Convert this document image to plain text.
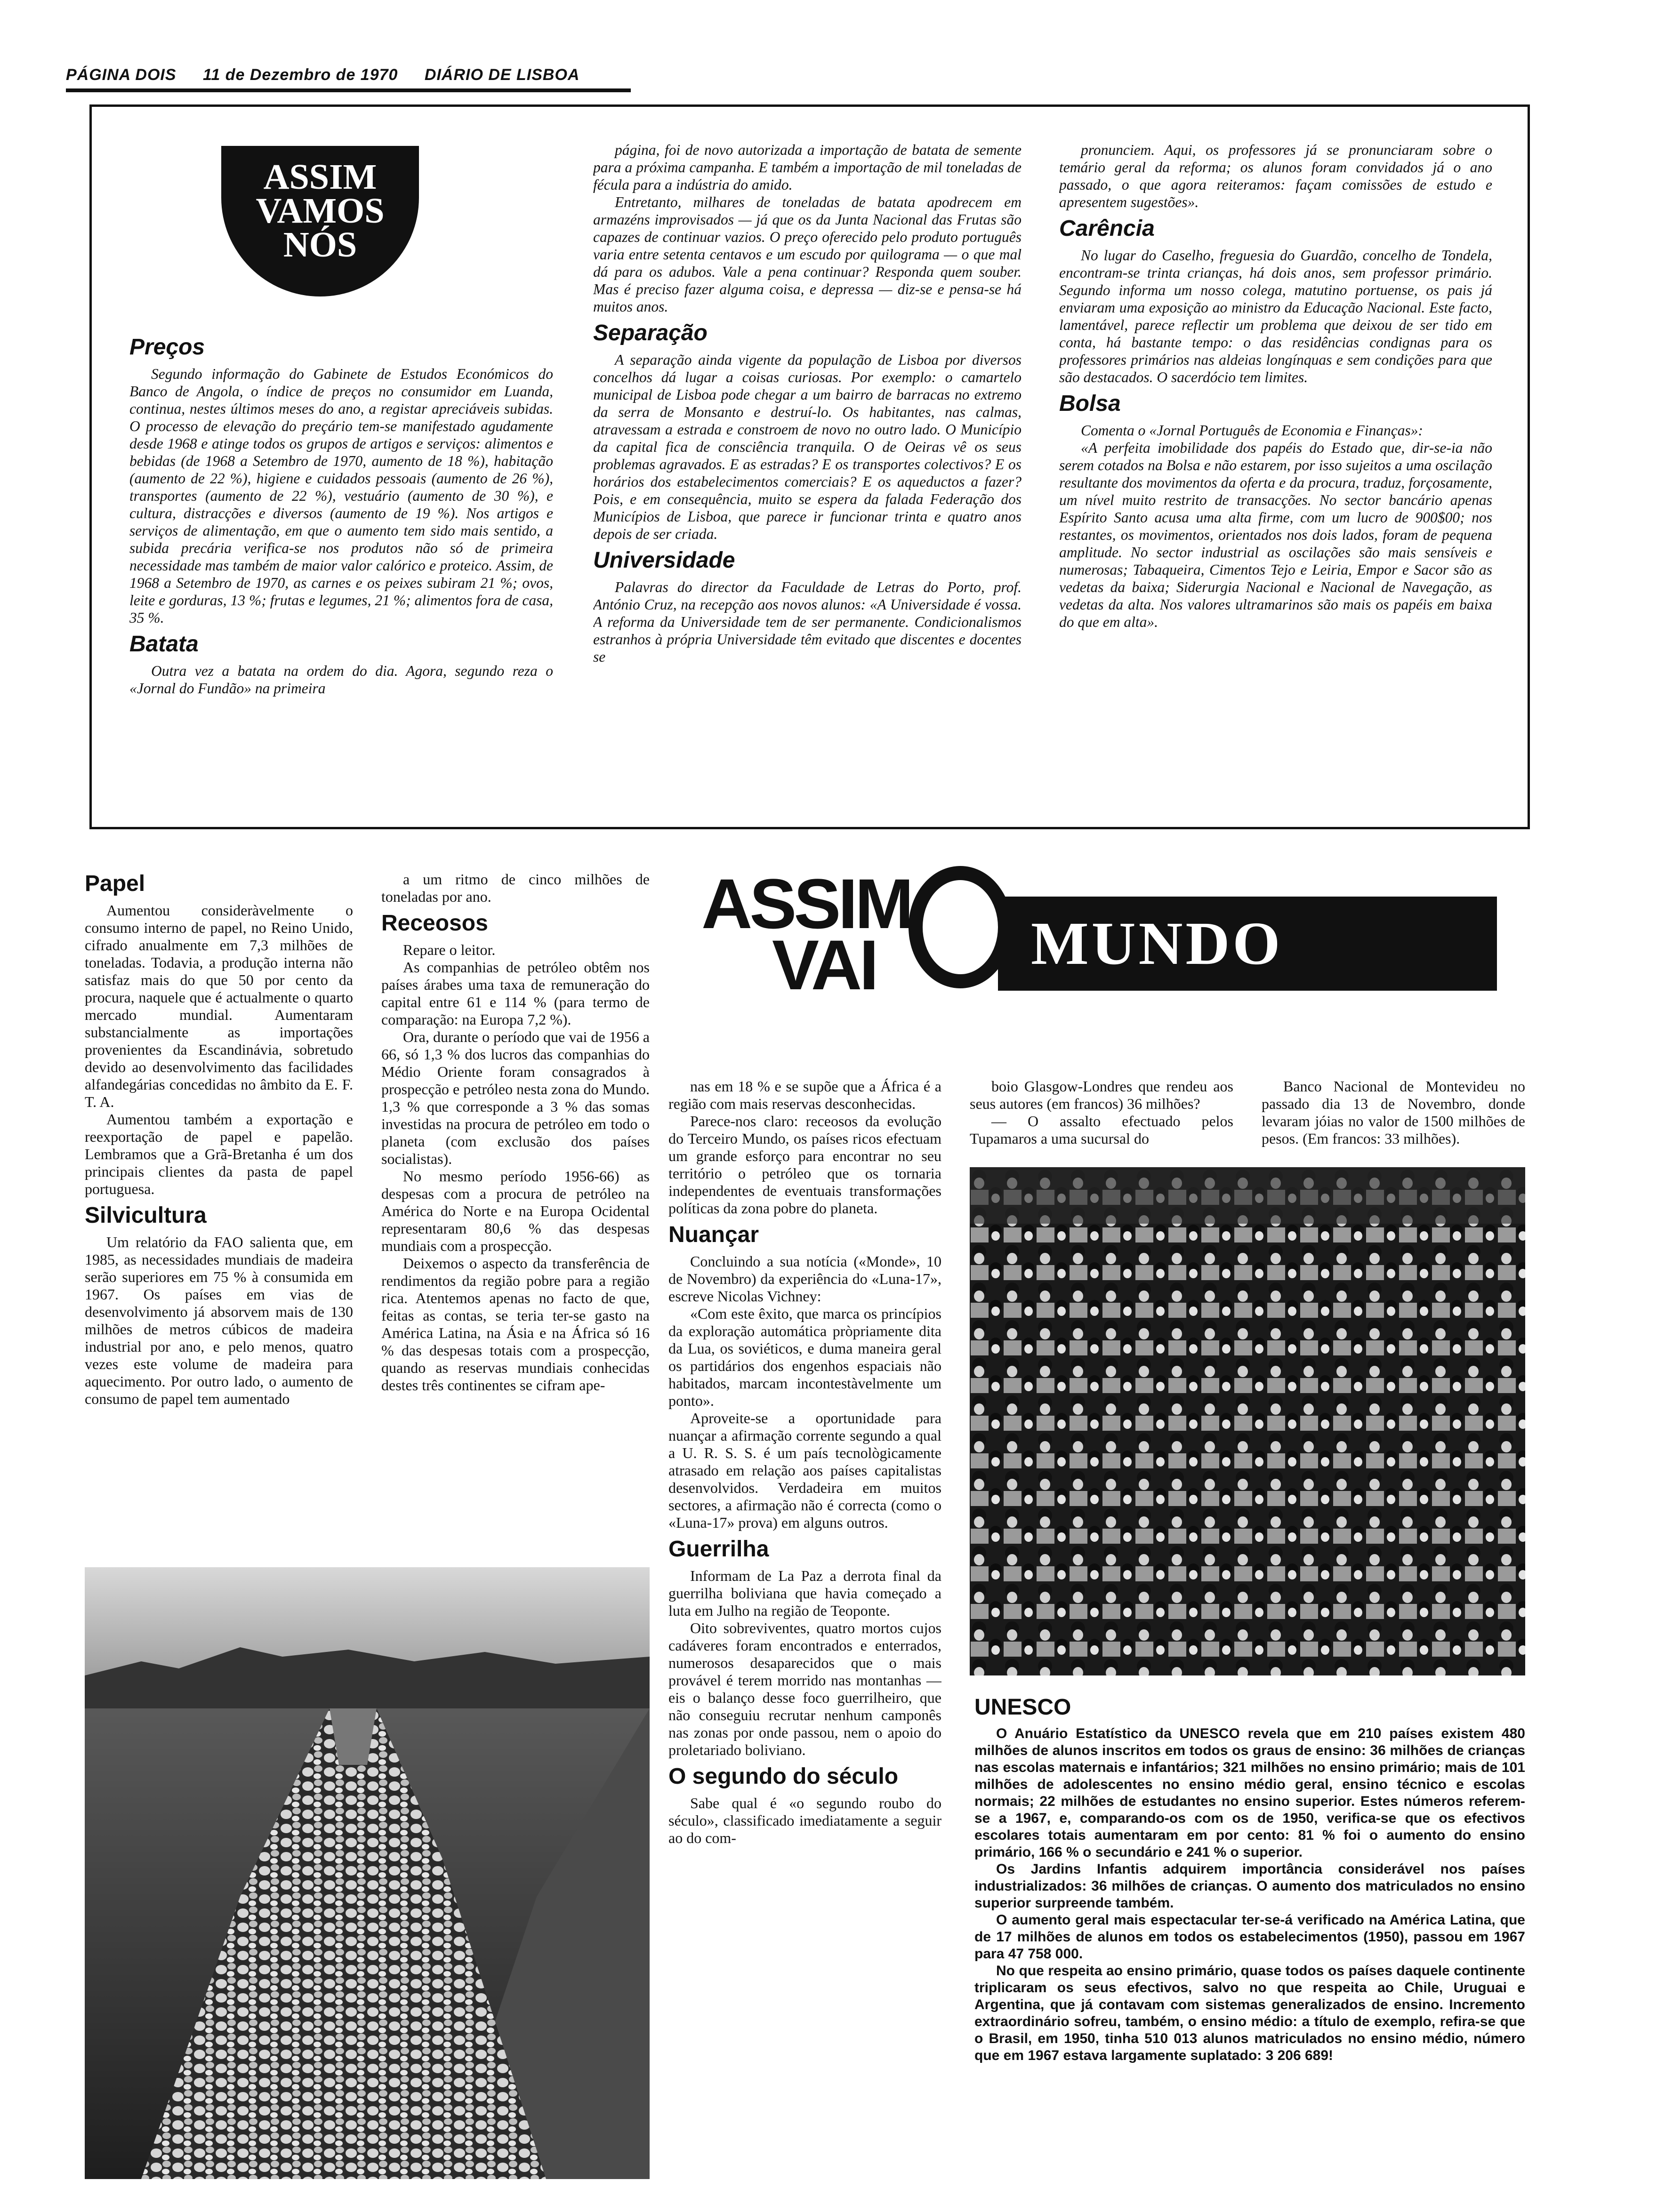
PÁGINA DOIS 11 de Dezembro de 1970 DIÁRIO DE LISBOA
ASSIM
VAMOS
NÓS
Preços

Segundo informação do Gabinete de Estudos Económicos do Banco de Angola, o índice de preços no consumidor em Luanda, continua, nestes últimos meses do ano, a registar apreciáveis subidas. O processo de elevação do preçário tem-se manifestado agudamente desde 1968 e atinge todos os grupos de artigos e serviços: alimentos e bebidas (de 1968 a Setembro de 1970, aumento de 18 %), habitação (aumento de 22 %), higiene e cuidados pessoais (aumento de 26 %), transportes (aumento de 22 %), vestuário (aumento de 30 %), e cultura, distracções e diversos (aumento de 19 %). Nos artigos e serviços de alimentação, em que o aumento tem sido mais sentido, a subida precária verifica-se nos produtos não só de primeira necessidade mas também de maior valor calórico e proteico. Assim, de 1968 a Setembro de 1970, as carnes e os peixes subiram 21 %; ovos, leite e gorduras, 13 %; frutas e legumes, 21 %; alimentos fora de casa, 35 %.

Batata

Outra vez a batata na ordem do dia. Agora, segundo reza o «Jornal do Fundão» na primeira

página, foi de novo autorizada a importação de batata de semente para a próxima campanha. E também a importação de mil toneladas de fécula para a indústria do amido.

Entretanto, milhares de toneladas de batata apodrecem em armazéns improvisados — já que os da Junta Nacional das Frutas são capazes de continuar vazios. O preço oferecido pelo produto português varia entre setenta centavos e um escudo por quilograma — o que mal dá para os adubos. Vale a pena continuar? Responda quem souber. Mas é preciso fazer alguma coisa, e depressa — diz-se e pensa-se há muitos anos.

Separação

A separação ainda vigente da população de Lisboa por diversos concelhos dá lugar a coisas curiosas. Por exemplo: o camartelo municipal de Lisboa pode chegar a um bairro de barracas no extremo da serra de Monsanto e destruí-lo. Os habitantes, nas calmas, atravessam a estrada e constroem de novo no outro lado. O Município da capital fica de consciência tranquila. O de Oeiras vê os seus problemas agravados. E as estradas? E os transportes colectivos? E os horários dos estabelecimentos comerciais? E os aqueductos a fazer? Pois, e em consequência, muito se espera da falada Federação dos Municípios de Lisboa, que parece ir funcionar trinta e quatro anos depois de ser criada.

Universidade

Palavras do director da Faculdade de Letras do Porto, prof. António Cruz, na recepção aos novos alunos: «A Universidade é vossa. A reforma da Universidade tem de ser permanente. Condicionalismos estranhos à própria Universidade têm evitado que discentes e docentes se

pronunciem. Aqui, os professores já se pronunciaram sobre o temário geral da reforma; os alunos foram convidados já o ano passado, o que agora reiteramos: façam comissões de estudo e apresentem sugestões».

Carência

No lugar do Caselho, freguesia do Guardão, concelho de Tondela, encontram-se trinta crianças, há dois anos, sem professor primário. Segundo informa um nosso colega, matutino portuense, os pais já enviaram uma exposição ao ministro da Educação Nacional. Este facto, lamentável, parece reflectir um problema que deixou de ser tido em conta, há bastante tempo: o das residências condignas para os professores primários nas aldeias longínquas e sem condições para que são destacados. O sacerdócio tem limites.

Bolsa

Comenta o «Jornal Português de Economia e Finanças»:

«A perfeita imobilidade dos papéis do Estado que, dir-se-ia não serem cotados na Bolsa e não estarem, por isso sujeitos a uma oscilação resultante dos movimentos da oferta e da procura, traduz, forçosamente, um nível muito restrito de transacções. No sector bancário apenas Espírito Santo acusa uma alta firme, com um lucro de 900$00; nos restantes, os movimentos, orientados nos dois lados, foram de pequena amplitude. No sector industrial as oscilações são mais sensíveis e numerosas; Tabaqueira, Cimentos Tejo e Leiria, Empor e Sacor são as vedetas da baixa; Siderurgia Nacional e Nacional de Navegação, as vedetas da alta. Nos valores ultramarinos são mais os papéis em baixa do que em alta».

Papel

Aumentou consideràvelmente o consumo interno de papel, no Reino Unido, cifrado anualmente em 7,3 milhões de toneladas. Todavia, a produção interna não satisfaz mais do que 50 por cento da procura, naquele que é actualmente o quarto mercado mundial. Aumentaram substancialmente as importações provenientes da Escandinávia, sobretudo devido ao desenvolvimento das facilidades alfandegárias concedidas no âmbito da E. F. T. A.

Aumentou também a exportação e reexportação de papel e papelão. Lembramos que a Grã-Bretanha é um dos principais clientes da pasta de papel portuguesa.

Silvicultura

Um relatório da FAO salienta que, em 1985, as necessidades mundiais de madeira serão superiores em 75 % à consumida em 1967. Os países em vias de desenvolvimento já absorvem mais de 130 milhões de metros cúbicos de madeira industrial por ano, e pelo menos, quatro vezes este volume de madeira para aquecimento. Por outro lado, o aumento de consumo de papel tem aumentado

a um ritmo de cinco milhões de toneladas por ano.

Receosos

Repare o leitor.

As companhias de petróleo obtêm nos países árabes uma taxa de remuneração do capital entre 61 e 114 % (para termo de comparação: na Europa 7,2 %).

Ora, durante o período que vai de 1956 a 66, só 1,3 % dos lucros das companhias do Médio Oriente foram consagrados à prospecção e petróleo nesta zona do Mundo. 1,3 % que corresponde a 3 % das somas investidas na procura de petróleo em todo o planeta (com exclusão dos países socialistas).

No mesmo período 1956-66) as despesas com a procura de petróleo na América do Norte e na Europa Ocidental representaram 80,6 % das despesas mundiais com a prospecção.

Deixemos o aspecto da transferência de rendimentos da região pobre para a região rica. Atentemos apenas no facto de que, feitas as contas, se teria ter-se gasto na América Latina, na Ásia e na África só 16 % das despesas totais com a prospecção, quando as reservas mundiais conhecidas destes três continentes se cifram ape-

ASSIM
VAI	MUNDO

nas em 18 % e se supõe que a África é a região com mais reservas desconhecidas.

Parece-nos claro: receosos da evolução do Terceiro Mundo, os países ricos efectuam um grande esforço para encontrar no seu território o petróleo que os tornaria independentes de eventuais transformações políticas da zona pobre do planeta.

Nuançar

Concluindo a sua notícia («Monde», 10 de Novembro) da experiência do «Luna-17», escreve Nicolas Vichney:

«Com este êxito, que marca os princípios da exploração automática pròpriamente dita da Lua, os soviéticos, e duma maneira geral os partidários dos engenhos espaciais não habitados, marcam incontestàvelmente um ponto».

Aproveite-se a oportunidade para nuançar a afirmação corrente segundo a qual a U. R. S. S. é um país tecnològicamente atrasado em relação aos países capitalistas desenvolvidos. Verdadeira em muitos sectores, a afirmação não é correcta (como o «Luna-17» prova) em alguns outros.

Guerrilha

Informam de La Paz a derrota final da guerrilha boliviana que havia começado a luta em Julho na região de Teoponte.

Oito sobreviventes, quatro mortos cujos cadáveres foram encontrados e enterrados, numerosos desaparecidos que o mais provável é terem morrido nas montanhas — eis o balanço desse foco guerrilheiro, que não conseguiu recrutar nenhum camponês nas zonas por onde passou, nem o apoio do proletariado boliviano.

O segundo do século

Sabe qual é «o segundo roubo do século», classificado imediatamente a seguir ao do com-

boio Glasgow-Londres que rendeu aos seus autores (em francos) 36 milhões?

— O assalto efectuado pelos Tupamaros a uma sucursal do

Banco Nacional de Montevideu no passado dia 13 de Novembro, donde levaram jóias no valor de 1500 milhões de pesos. (Em francos: 33 milhões).

UNESCO

O Anuário Estatístico da UNESCO revela que em 210 países existem 480 milhões de alunos inscritos em todos os graus de ensino: 36 milhões de crianças nas escolas maternais e infantários; 321 milhões no ensino primário; mais de 101 milhões de adolescentes no ensino médio geral, ensino técnico e escolas normais; 22 milhões de estudantes no ensino superior. Estes números referem-se a 1967, e, comparando-os com os de 1950, verifica-se que os efectivos escolares totais aumentaram em por cento: 81 % foi o aumento do ensino primário, 166 % o secundário e 241 % o superior.

Os Jardins Infantis adquirem importância considerável nos países industrializados: 36 milhões de crianças. O aumento dos matriculados no ensino superior surpreende também.

O aumento geral mais espectacular ter-se-á verificado na América Latina, que de 17 milhões de alunos em todos os estabelecimentos (1950), passou em 1967 para 47 758 000.

No que respeita ao ensino primário, quase todos os países daquele continente triplicaram os seus efectivos, salvo no que respeita ao Chile, Uruguai e Argentina, que já contavam com sistemas generalizados de ensino. Incremento extraordinário sofreu, também, o ensino médio: a título de exemplo, refira-se que o Brasil, em 1950, tinha 510 013 alunos matriculados no ensino médio, número que em 1967 estava largamente suplatado: 3 206 689!
